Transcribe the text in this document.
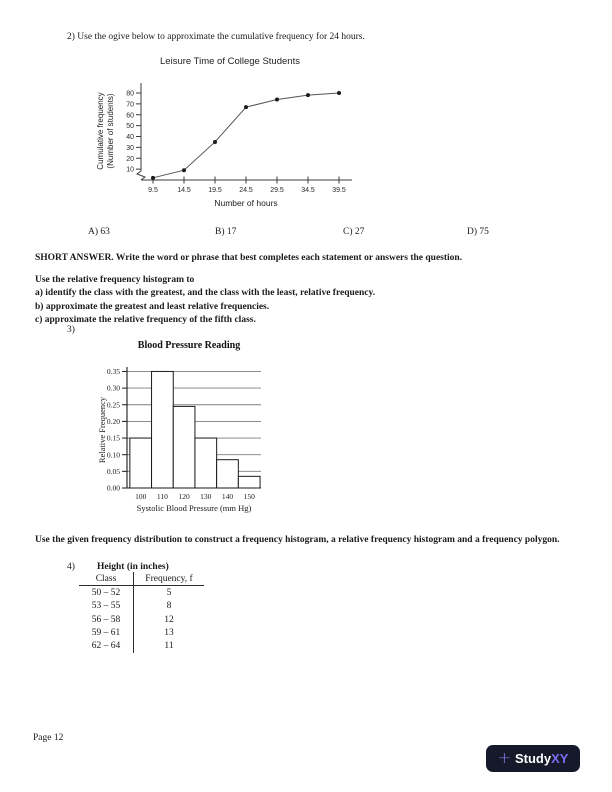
2) Use the ogive below to approximate the cumulative frequency for 24 hours.
Leisure Time of College Students
10
20
30
40
50
60
70
80
9.5	14.5 19.5 24.5 29.5 34.5 39.5
Cumulative frequency (Number of students)
Number of hours
A) 63	B) 17	C) 27	D) 75
SHORT ANSWER. Write the word or phrase that best completes each statement or answers the question.
Use the relative frequency histogram to
a) identify the class with the greatest, and the class with the least, relative frequency.
b) approximate the greatest and least relative frequencies.
c) approximate the relative frequency of the fifth class.
3)
Blood Pressure Reading
0.00
0.05
0.10
0.15
0.20
0.25
0.30
0.35
100 110 120 130 140 150
Relative Frequency
Systolic Blood Pressure (mm Hg)
Use the given frequency distribution to construct a frequency histogram, a relative frequency histogram and a frequency polygon.
4) Height (in inches)
Class	Frequency, f
50 – 52	5
53 – 55	8
56 – 58	12
59 – 61	13
62 – 64	11
Page 12
+ StudyXY
